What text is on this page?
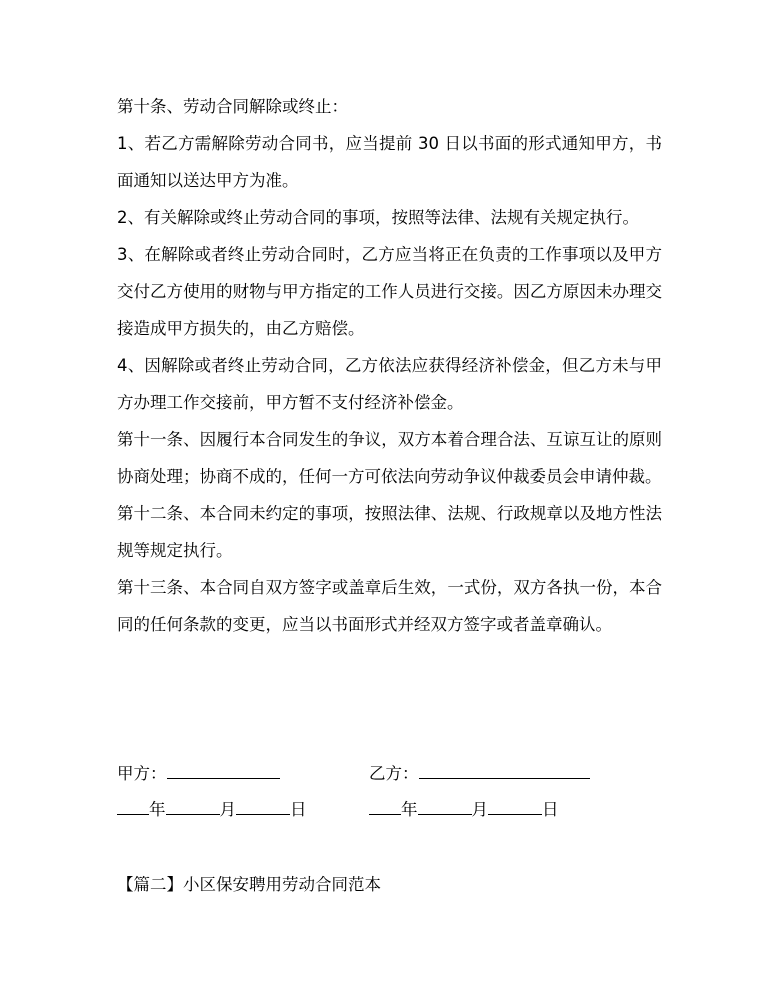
第十条、劳动合同解除或终止：

1、若乙方需解除劳动合同书，应当提前 30 日以书面的形式通知甲方，书面通知以送达甲方为准。

2、有关解除或终止劳动合同的事项，按照等法律、法规有关规定执行。

3、在解除或者终止劳动合同时，乙方应当将正在负责的工作事项以及甲方交付乙方使用的财物与甲方指定的工作人员进行交接。因乙方原因未办理交接造成甲方损失的，由乙方赔偿。

4、因解除或者终止劳动合同，乙方依法应获得经济补偿金，但乙方未与甲方办理工作交接前，甲方暂不支付经济补偿金。

第十一条、因履行本合同发生的争议，双方本着合理合法、互谅互让的原则协商处理；协商不成的，任何一方可依法向劳动争议仲裁委员会申请仲裁。

第十二条、本合同未约定的事项，按照法律、法规、行政规章以及地方性法规等规定执行。

第十三条、本合同自双方签字或盖章后生效，一式份，双方各执一份，本合同的任何条款的变更，应当以书面形式并经双方签字或者盖章确认。

甲方：	乙方：
年	月	日	年	月	日
【篇二】小区保安聘用劳动合同范本
